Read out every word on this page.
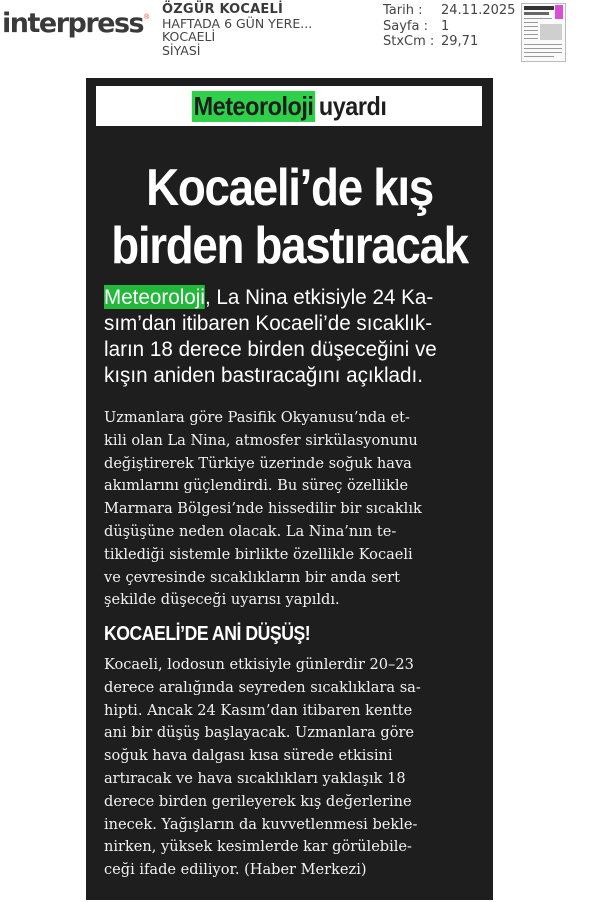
interpress ®
ÖZGÜR KOCAELİ
HAFTADA 6 GÜN YERE...
KOCAELİ
SİYASİ
Tarih :	24.11.2025
Sayfa :	1
StxCm : 29,71
Meteoroloji uyardı
Kocaeli’de kış
birden bastıracak
Meteoroloji, La Nina etkisiyle 24 Ka-
sım’dan itibaren Kocaeli’de sıcaklık-
ların 18 derece birden düşeceğini ve
kışın aniden bastıracağını açıkladı.
Uzmanlara göre Pasifik Okyanusu’nda et-
kili olan La Nina, atmosfer sirkülasyonunu
değiştirerek Türkiye üzerinde soğuk hava
akımlarını güçlendirdi. Bu süreç özellikle
Marmara Bölgesi’nde hissedilir bir sıcaklık
düşüşüne neden olacak. La Nina’nın te-
tiklediği sistemle birlikte özellikle Kocaeli
ve çevresinde sıcaklıkların bir anda sert
şekilde düşeceği uyarısı yapıldı.
KOCAELİ’DE ANİ DÜŞÜŞ!
Kocaeli, lodosun etkisiyle günlerdir 20–23
derece aralığında seyreden sıcaklıklara sa-
hipti. Ancak 24 Kasım’dan itibaren kentte
ani bir düşüş başlayacak. Uzmanlara göre
soğuk hava dalgası kısa sürede etkisini
artıracak ve hava sıcaklıkları yaklaşık 18
derece birden gerileyerek kış değerlerine
inecek. Yağışların da kuvvetlenmesi bekle-
nirken, yüksek kesimlerde kar görülebile-
ceği ifade ediliyor. (Haber Merkezi)
